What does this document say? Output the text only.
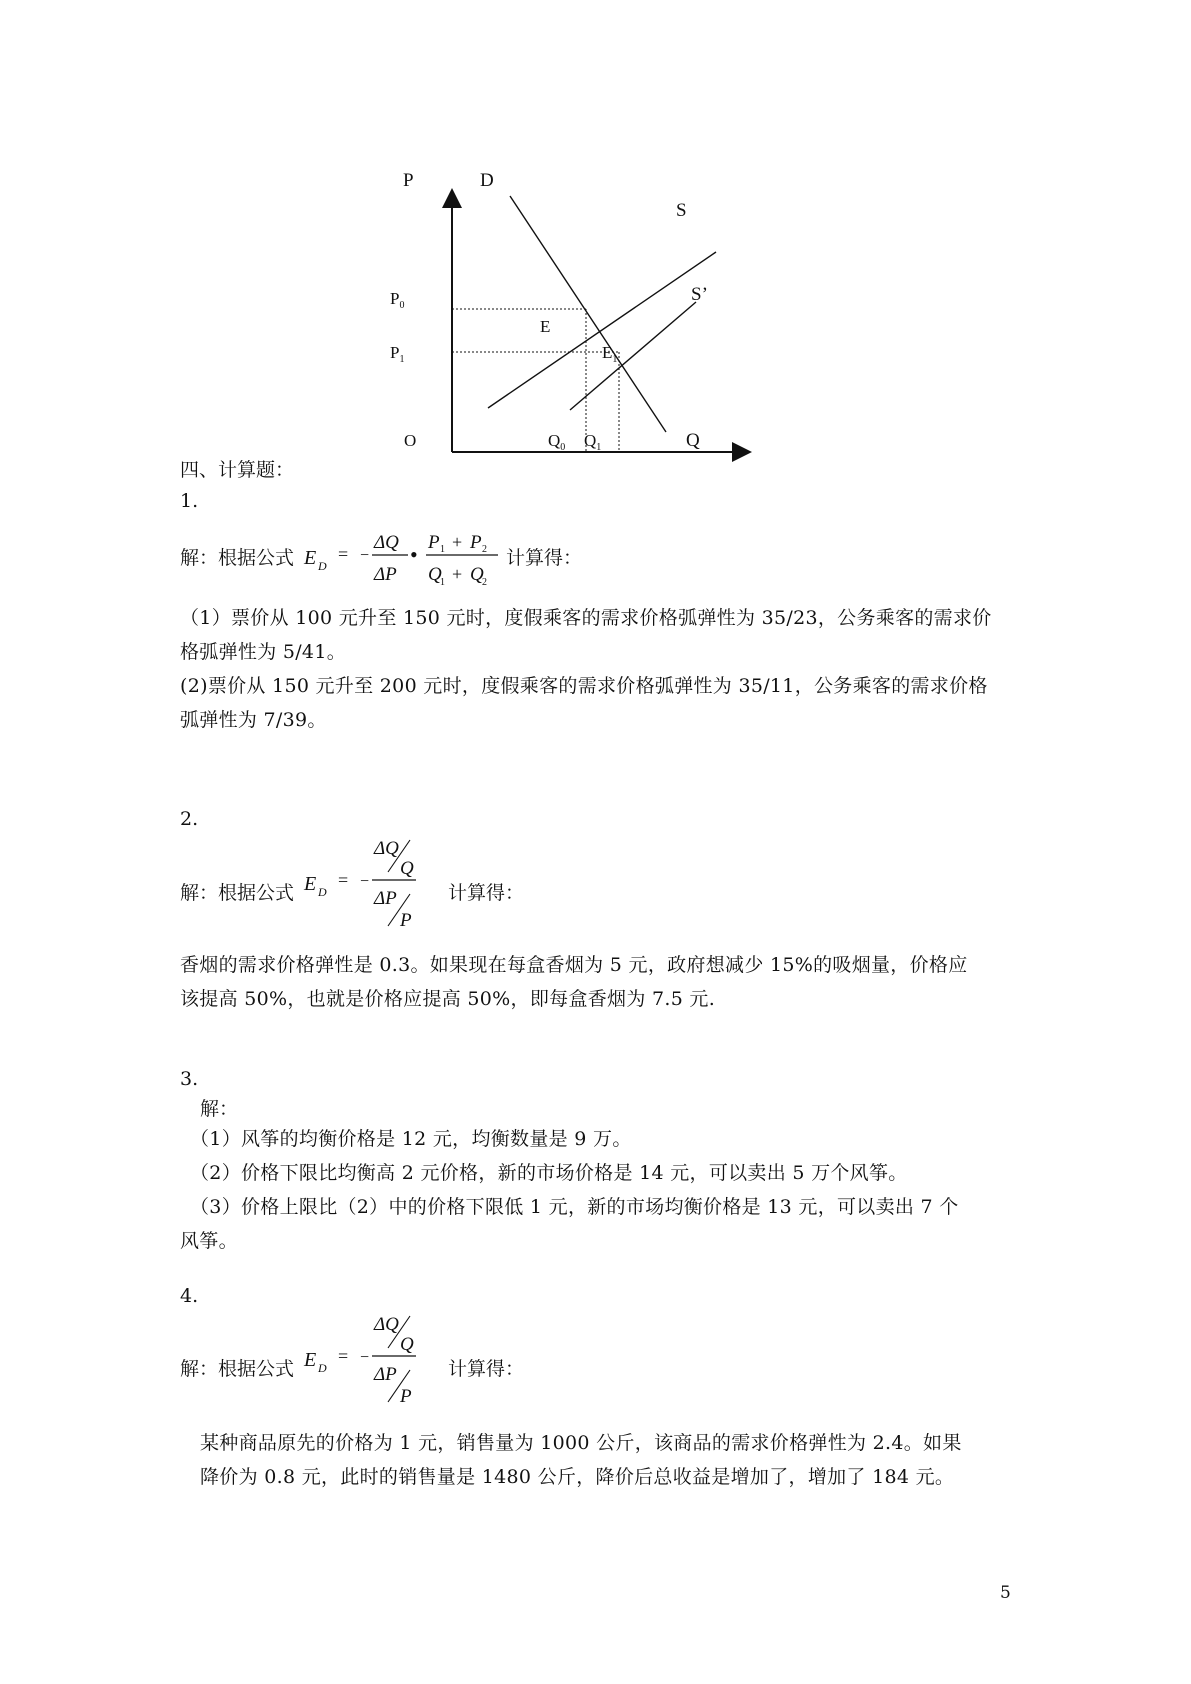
P	D
S
S’
$P_0$
$P_1$
E
$E_1$
O	$Q_0$ $Q_1$	Q
四、计算题：
1.
解：根据公式 E D
= −
ΔQ
ΔP
• P 1 + P 2
Q
1 + Q
2
计算得：
（1）票价从 100 元升至 150 元时，度假乘客的需求价格弧弹性为 35/23，公务乘客的需求价
格弧弹性为 5/41。
(2)票价从 150 元升至 200 元时，度假乘客的需求价格弧弹性为 35/11，公务乘客的需求价格
弧弹性为 7/39。
2.
解：根据公式 E D
= −
ΔQ
Q
ΔP
P
计算得：
香烟的需求价格弹性是 0.3。如果现在每盒香烟为 5 元，政府想减少 15%的吸烟量，价格应
该提高 50%，也就是价格应提高 50%，即每盒香烟为 7.5 元.
3.
解：
（1）风筝的均衡价格是 12 元，均衡数量是 9 万。
（2）价格下限比均衡高 2 元价格，新的市场价格是 14 元，可以卖出 5 万个风筝。
（3）价格上限比（2）中的价格下限低 1 元，新的市场均衡价格是 13 元，可以卖出 7 个
风筝。
4.
解：根据公式 E D
= −
ΔQ
Q
ΔP
P
计算得：
某种商品原先的价格为 1 元，销售量为 1000 公斤，该商品的需求价格弹性为 2.4。如果
降价为 0.8 元，此时的销售量是 1480 公斤，降价后总收益是增加了，增加了 184 元。
5
